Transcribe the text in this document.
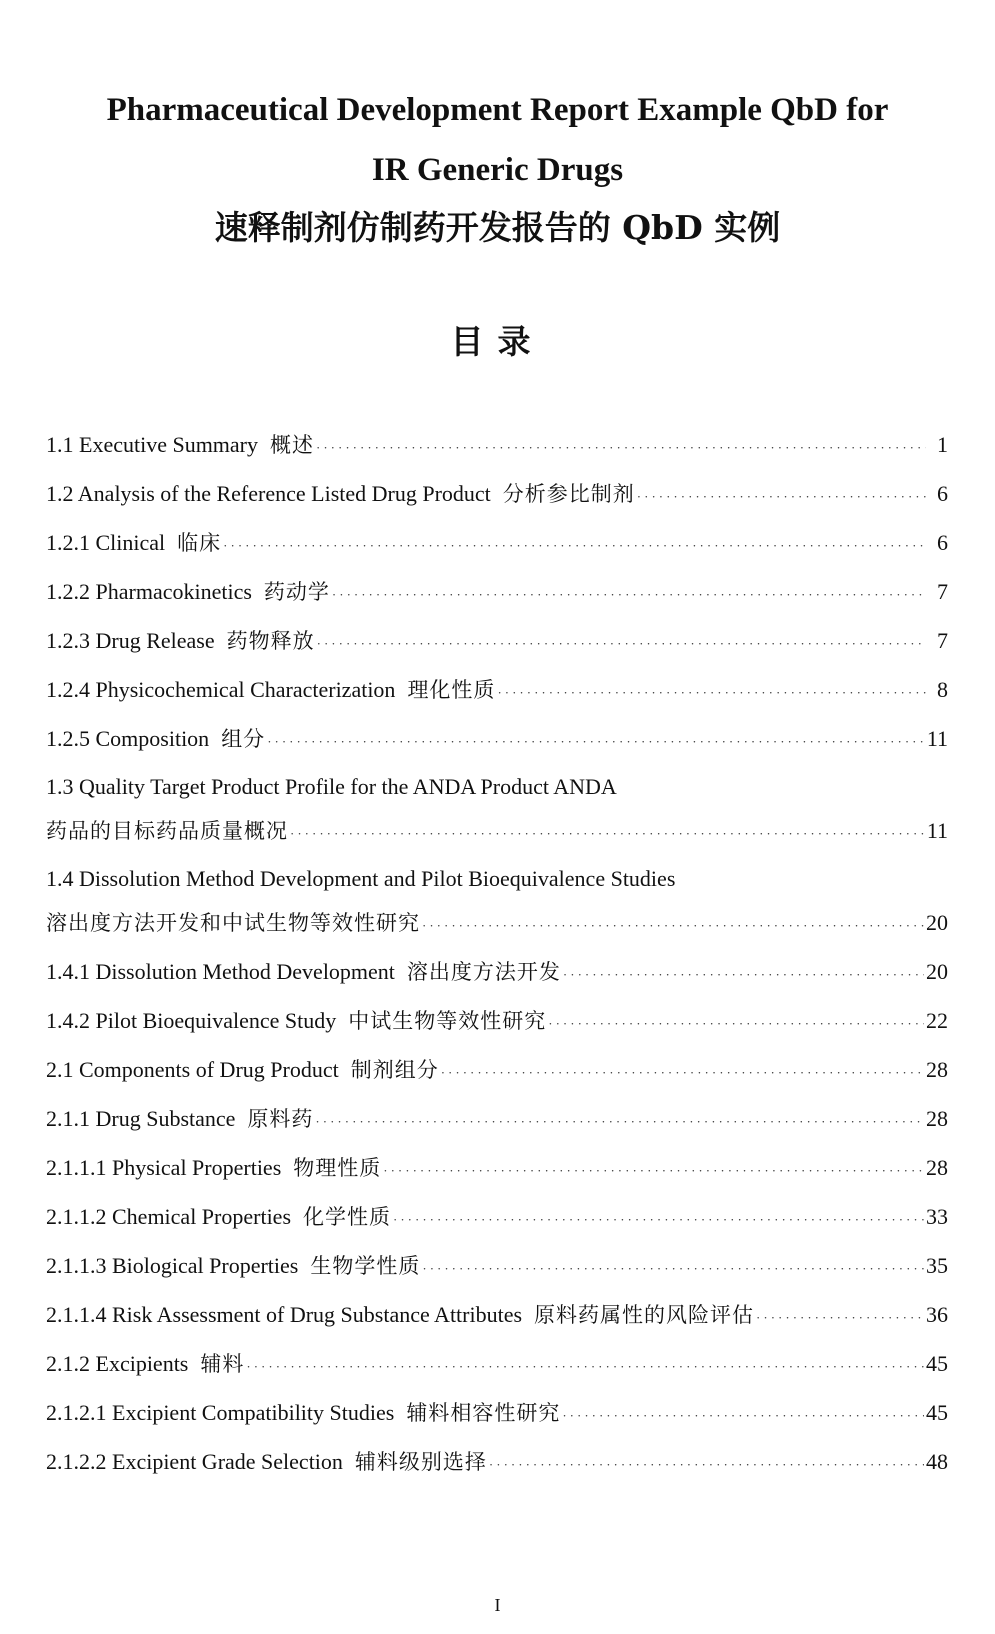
Pharmaceutical Development Report Example QbD for
IR Generic Drugs
速释制剂仿制药开发报告的 QbD 实例
目录
1.1 Executive Summary 概述 ·····	1
1.2 Analysis of the Reference Listed Drug Product 分析参比制剂 ·····	6
1.2.1 Clinical 临床 ·····	6
1.2.2 Pharmacokinetics 药动学 ·····	7
1.2.3 Drug Release 药物释放 ·····	7
1.2.4 Physicochemical Characterization 理化性质 ·····	8
1.2.5 Composition 组分 ·····	11
1.3 Quality Target Product Profile for the ANDA Product ANDA
药品的目标药品质量概况 ·····	11
1.4 Dissolution Method Development and Pilot Bioequivalence Studies
溶出度方法开发和中试生物等效性研究 ·····	20
1.4.1 Dissolution Method Development 溶出度方法开发 ·····	20
1.4.2 Pilot Bioequivalence Study 中试生物等效性研究 ·····	22
2.1 Components of Drug Product 制剂组分 ·····	28
2.1.1 Drug Substance 原料药 ·····	28
2.1.1.1 Physical Properties 物理性质 ·····	28
2.1.1.2 Chemical Properties 化学性质 ·····	33
2.1.1.3 Biological Properties 生物学性质 ·····	35
2.1.1.4 Risk Assessment of Drug Substance Attributes 原料药属性的风险评估 ·····	36
2.1.2 Excipients 辅料 ·····	45
2.1.2.1 Excipient Compatibility Studies 辅料相容性研究 ·····	45
2.1.2.2 Excipient Grade Selection 辅料级别选择 ·····	48
I
